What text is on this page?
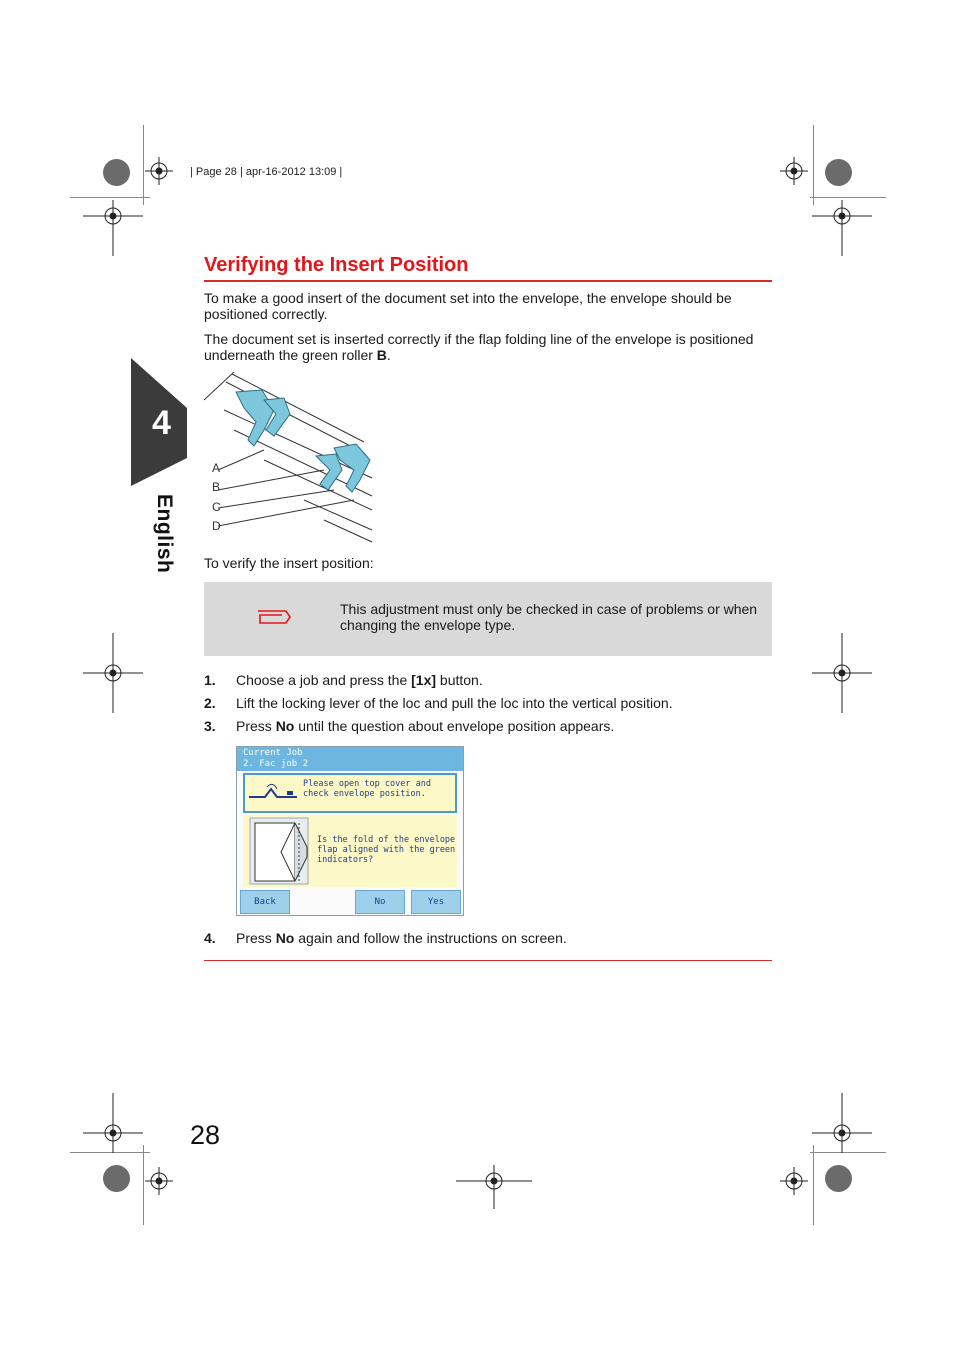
| Page 28 | apr-16-2012 13:09 |
4
English
Verifying the Insert Position
To make a good insert of the document set into the envelope, the envelope should be positioned correctly.
The document set is inserted correctly if the flap folding line of the envelope is positioned underneath the green roller B.
A
B
C
D
To verify the insert position:
This adjustment must only be checked in case of problems or when changing the envelope type.
1. Choose a job and press the [1x] button.
2. Lift the locking lever of the loc and pull the loc into the vertical position.
3. Press No until the question about envelope position appears.
Current Job
2. Fac job 2
Please open top cover and
check envelope position.
Is the fold of the envelope
flap aligned with the green
indicators?
Back	No	Yes
4. Press No again and follow the instructions on screen.
28
